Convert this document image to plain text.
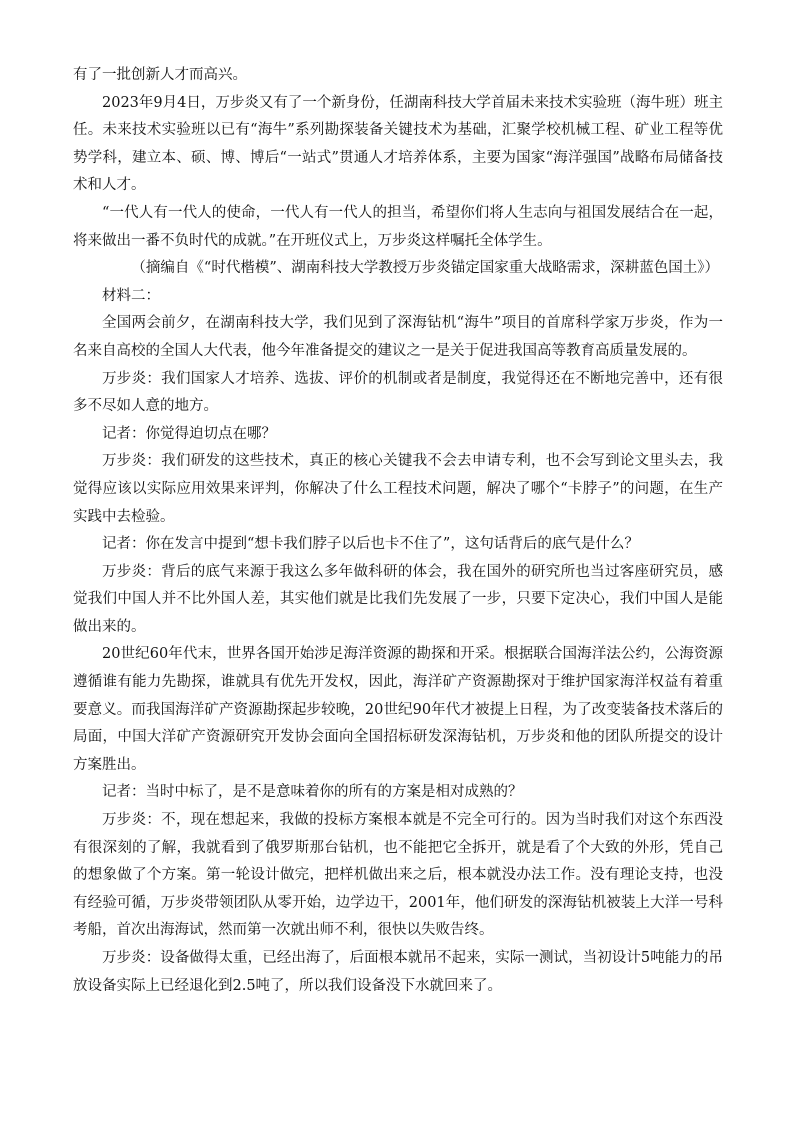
有了一批创新人才而高兴。

2023年9月4日，万步炎又有了一个新身份，任湖南科技大学首届未来技术实验班（海牛班）班主任。未来技术实验班以已有“海牛”系列勘探装备关键技术为基础，汇聚学校机械工程、矿业工程等优势学科，建立本、硕、博、博后“一站式”贯通人才培养体系，主要为国家“海洋强国”战略布局储备技术和人才。

“一代人有一代人的使命，一代人有一代人的担当，希望你们将人生志向与祖国发展结合在一起，将来做出一番不负时代的成就。”在开班仪式上，万步炎这样嘱托全体学生。

（摘编自《“时代楷模”、湖南科技大学教授万步炎锚定国家重大战略需求，深耕蓝色国土》）

材料二：

全国两会前夕，在湖南科技大学，我们见到了深海钻机“海牛”项目的首席科学家万步炎，作为一名来自高校的全国人大代表，他今年准备提交的建议之一是关于促进我国高等教育高质量发展的。

万步炎：我们国家人才培养、选拔、评价的机制或者是制度，我觉得还在不断地完善中，还有很多不尽如人意的地方。

记者：你觉得迫切点在哪？

万步炎：我们研发的这些技术，真正的核心关键我不会去申请专利，也不会写到论文里头去，我觉得应该以实际应用效果来评判，你解决了什么工程技术问题，解决了哪个“卡脖子”的问题，在生产实践中去检验。

记者：你在发言中提到“想卡我们脖子以后也卡不住了”，这句话背后的底气是什么？

万步炎：背后的底气来源于我这么多年做科研的体会，我在国外的研究所也当过客座研究员，感觉我们中国人并不比外国人差，其实他们就是比我们先发展了一步，只要下定决心，我们中国人是能做出来的。

20世纪60年代末，世界各国开始涉足海洋资源的勘探和开采。根据联合国海洋法公约，公海资源遵循谁有能力先勘探，谁就具有优先开发权，因此，海洋矿产资源勘探对于维护国家海洋权益有着重要意义。而我国海洋矿产资源勘探起步较晚，20世纪90年代才被提上日程，为了改变装备技术落后的局面，中国大洋矿产资源研究开发协会面向全国招标研发深海钻机，万步炎和他的团队所提交的设计方案胜出。

记者：当时中标了，是不是意味着你的所有的方案是相对成熟的？

万步炎：不，现在想起来，我做的投标方案根本就是不完全可行的。因为当时我们对这个东西没有很深刻的了解，我就看到了俄罗斯那台钻机，也不能把它全拆开，就是看了个大致的外形，凭自己的想象做了个方案。第一轮设计做完，把样机做出来之后，根本就没办法工作。没有理论支持，也没有经验可循，万步炎带领团队从零开始，边学边干，2001年，他们研发的深海钻机被装上大洋一号科考船，首次出海海试，然而第一次就出师不利，很快以失败告终。

万步炎：设备做得太重，已经出海了，后面根本就吊不起来，实际一测试，当初设计5吨能力的吊放设备实际上已经退化到2.5吨了，所以我们设备没下水就回来了。
